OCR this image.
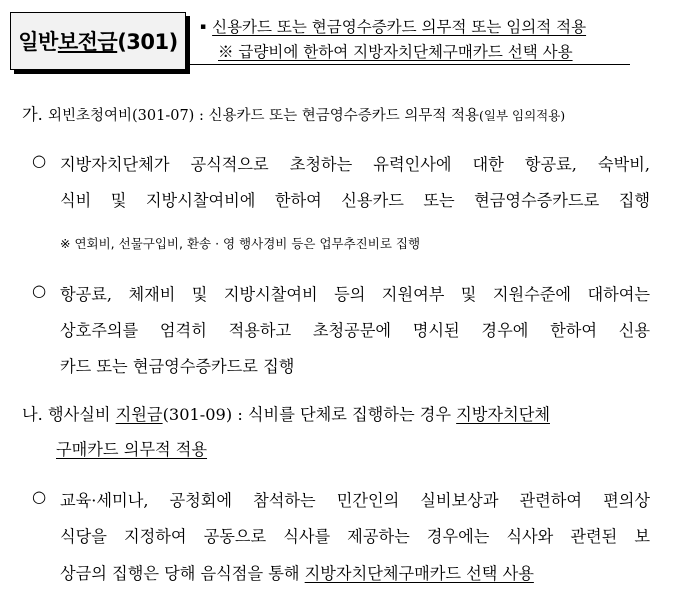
일반보전금(301)
▪ 신용카드 또는 현금영수증카드 의무적 또는 임의적 적용
※ 급량비에 한하여 지방자치단체구매카드 선택 사용
가. 외빈초청여비(301-07) : 신용카드 또는 현금영수증카드 의무적 적용(일부 임의적용)
○ 지방자치단체가 공식적으로 초청하는 유력인사에 대한 항공료, 숙박비,
식비 및 지방시찰여비에 한하여 신용카드 또는 현금영수증카드로 집행
※ 연회비, 선물구입비, 환송 · 영 행사경비 등은 업무추진비로 집행
○ 항공료, 체재비 및 지방시찰여비 등의 지원여부 및 지원수준에 대하여는
상호주의를 엄격히 적용하고 초청공문에 명시된 경우에 한하여 신용
카드 또는 현금영수증카드로 집행
나. 행사실비 지원금(301-09) : 식비를 단체로 집행하는 경우 지방자치단체
구매카드 의무적 적용
○ 교육·세미나, 공청회에 참석하는 민간인의 실비보상과 관련하여 편의상
식당을 지정하여 공동으로 식사를 제공하는 경우에는 식사와 관련된 보
상금의 집행은 당해 음식점을 통해 지방자치단체구매카드 선택 사용
